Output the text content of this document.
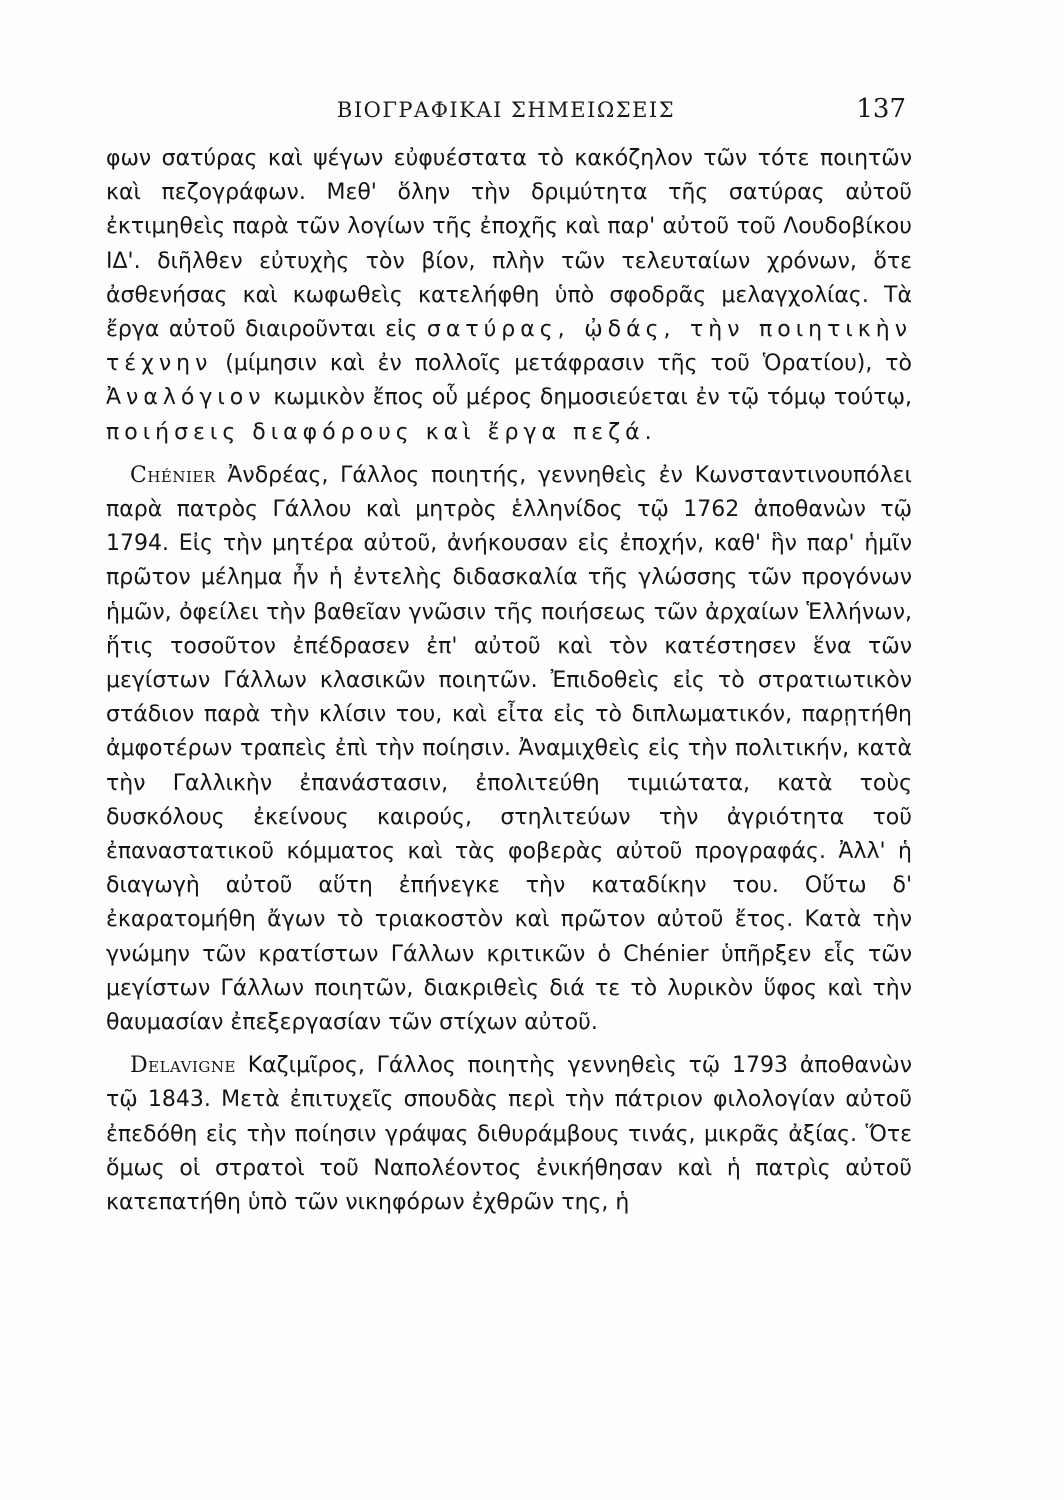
ΒΙΟΓΡΑΦΙΚΑΙ ΣΗΜΕΙΩΣΕΙΣ	137

φων σατύρας καὶ ψέγων εὐφυέστατα τὸ κακόζηλον τῶν τότε ποιητῶν καὶ πεζογράφων. Μεθ' ὅλην τὴν δριμύτητα τῆς σατύρας αὐτοῦ ἐκτιμηθεὶς παρὰ τῶν λογίων τῆς ἐποχῆς καὶ παρ' αὐτοῦ τοῦ Λουδοβίκου ΙΔ'. διῆλθεν εὐτυχὴς τὸν βίον, πλὴν τῶν τελευταίων χρόνων, ὅτε ἀσθενήσας καὶ κωφωθεὶς κατελήφθη ὑπὸ σφοδρᾶς μελαγχολίας. Τὰ ἔργα αὐτοῦ διαιροῦνται εἰς σατύρας, ᾠδάς, τὴν ποιητικὴν τέχνην (μίμησιν καὶ ἐν πολλοῖς μετάφρασιν τῆς τοῦ Ὁρατίου), τὸ Ἀναλόγιον κωμικὸν ἔπος οὗ μέρος δημοσιεύεται ἐν τῷ τόμῳ τούτῳ, ποιήσεις διαφόρους καὶ ἔργα πεζά.

Chénier Ἀνδρέας, Γάλλος ποιητής, γεννηθεὶς ἐν Κωνσταντινουπόλει παρὰ πατρὸς Γάλλου καὶ μητρὸς ἑλληνίδος τῷ 1762 ἀποθανὼν τῷ 1794. Εἰς τὴν μητέρα αὐτοῦ, ἀνήκουσαν εἰς ἐποχήν, καθ' ἣν παρ' ἡμῖν πρῶτον μέλημα ἦν ἡ ἐντελὴς διδασκαλία τῆς γλώσσης τῶν προγόνων ἡμῶν, ὀφείλει τὴν βαθεῖαν γνῶσιν τῆς ποιήσεως τῶν ἀρχαίων Ἑλλήνων, ἥτις τοσοῦτον ἐπέδρασεν ἐπ' αὐτοῦ καὶ τὸν κατέστησεν ἕνα τῶν μεγίστων Γάλλων κλασικῶν ποιητῶν. Ἐπιδοθεὶς εἰς τὸ στρατιωτικὸν στάδιον παρὰ τὴν κλίσιν του, καὶ εἶτα εἰς τὸ διπλωματικόν, παρῃτήθη ἀμφοτέρων τραπεὶς ἐπὶ τὴν ποίησιν. Ἀναμιχθεὶς εἰς τὴν πολιτικήν, κατὰ τὴν Γαλλικὴν ἐπανάστασιν, ἐπολιτεύθη τιμιώτατα, κατὰ τοὺς δυσκόλους ἐκείνους καιρούς, στηλιτεύων τὴν ἀγριότητα τοῦ ἐπαναστατικοῦ κόμματος καὶ τὰς φοβερὰς αὐτοῦ προγραφάς. Ἀλλ' ἡ διαγωγὴ αὐτοῦ αὕτη ἐπήνεγκε τὴν καταδίκην του. Οὕτω δ' ἐκαρατομήθη ἄγων τὸ τριακοστὸν καὶ πρῶτον αὐτοῦ ἔτος. Κατὰ τὴν γνώμην τῶν κρατίστων Γάλλων κριτικῶν ὁ Chénier ὑπῆρξεν εἷς τῶν μεγίστων Γάλλων ποιητῶν, διακριθεὶς διά τε τὸ λυρικὸν ὕφος καὶ τὴν θαυμασίαν ἐπεξεργασίαν τῶν στίχων αὐτοῦ.

Delavigne Καζιμῖρος, Γάλλος ποιητὴς γεννηθεὶς τῷ 1793 ἀποθανὼν τῷ 1843. Μετὰ ἐπιτυχεῖς σπουδὰς περὶ τὴν πάτριον φιλολογίαν αὐτοῦ ἐπεδόθη εἰς τὴν ποίησιν γράψας διθυράμβους τινάς, μικρᾶς ἀξίας. Ὅτε ὅμως οἱ στρατοὶ τοῦ Ναπολέοντος ἐνικήθησαν καὶ ἡ πατρὶς αὐτοῦ κατεπατήθη ὑπὸ τῶν νικηφόρων ἐχθρῶν της, ἡ
